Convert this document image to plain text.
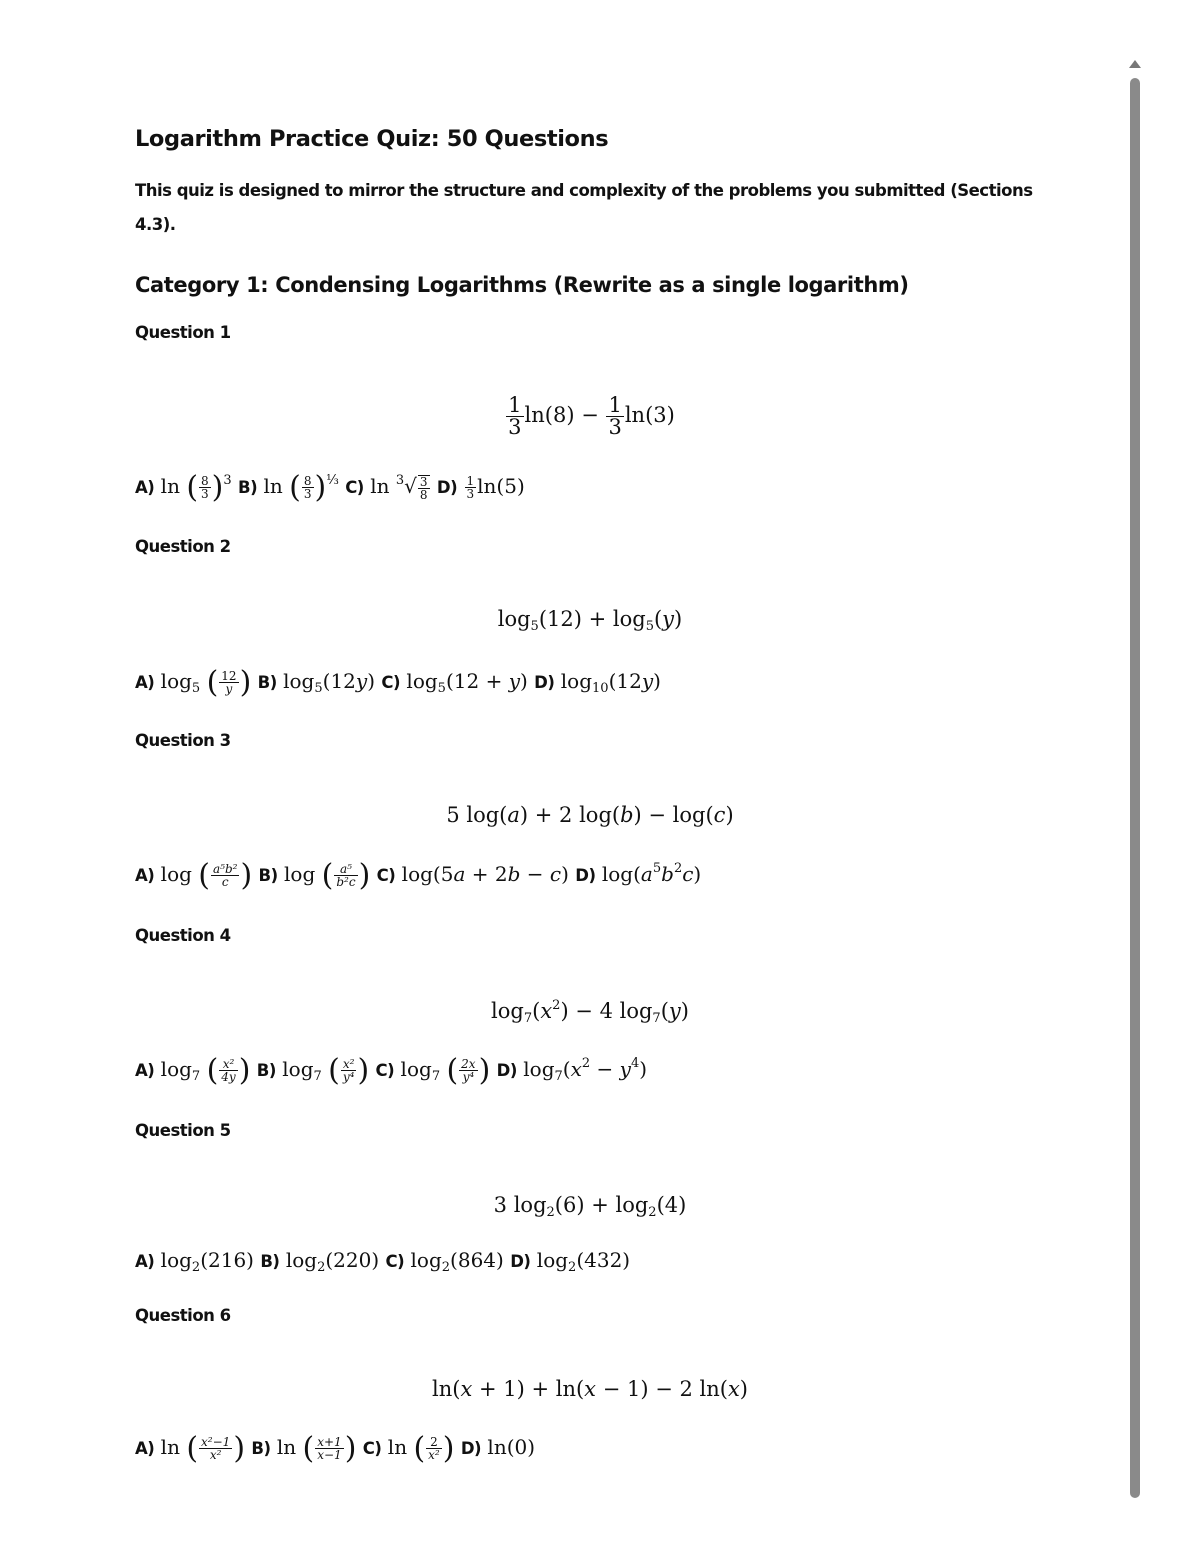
Logarithm Practice Quiz: 50 Questions

This quiz is designed to mirror the structure and complexity of the problems you submitted (Sections 4.3).

Category 1: Condensing Logarithms (Rewrite as a single logarithm)
Question 1
$\frac{1}{3} \ln(8) - \frac{1}{3} \ln(3)$
A) ln ( $\frac{8}{3} )^3$ B) ln ( $\frac{8}{3} )^{\frac{1}{3}}$ C) $\ln ^3√ \frac{3}{8} D) \frac{1}{3} \ln(5)$
Question 2
$\log_5(12) + \log_5(y)$
A) $\log_5$ ( $\frac{12}{y}$ ) B) $\log_5(12y)$ C) $\log_5(12 + y)$ D) $\log_{10}(12y)$
Question 3
5 log(a) + 2 log(b) − log(c)
A) log ( $\frac{\text{a⁵b²}}{c}$ ) B) log ( $\frac{\text{a⁵}}{\text{b²c}}$ ) C) log(5a + 2b − c) D) $\log(a^5b^2c)$
Question 4
$\log_7(x^2) - 4$ $\log_7(y)$
A) $\log_7$ ( $\frac{\text{x²}}{4y}$ ) B) $\log_7$ ( $\frac{\text{x²}}{\text{y⁴}}$ ) C) $\log_7$ ( $\frac{2x}{\text{y⁴}}$ ) D) $\log_7(x^2 - y^4)$
Question 5
3 $\log_2(6) + \log_2(4)$
A) $\log_2(216)$ B) $\log_2(220)$ C) $\log_2(864)$ D) $\log_2(432)$
Question 6
ln(x + 1) + ln(x − 1) − 2 ln(x)
A) ln ( $\frac{\text{x²−1}}{\text{x²}}$ ) B) ln ( $\frac{x+1}{x-1}$ ) C) ln ( $\frac{2}{\text{x²}}$ ) D) ln(0)
